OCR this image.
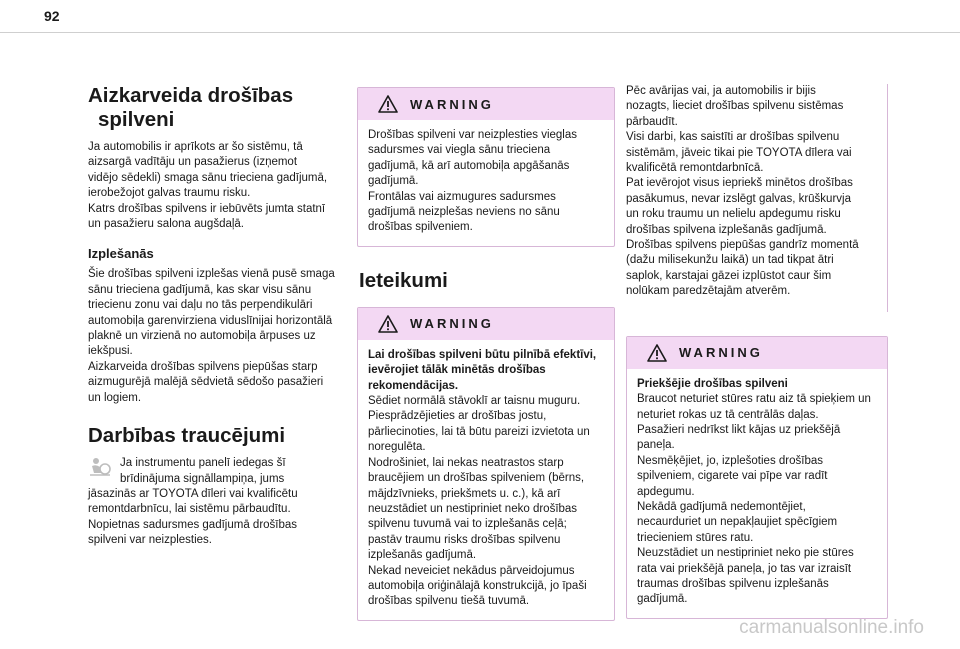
92
Aizkarveida drošības
spilveni

Ja automobilis ir aprīkots ar šo sistēmu, tā
aizsargā vadītāju un pasažierus (izņemot
vidējo sēdekli) smaga sānu trieciena gadījumā,
ierobežojot galvas traumu risku.
Katrs drošības spilvens ir iebūvēts jumta statnī
un pasažieru salona augšdaļā.

Izplešanās

Šie drošības spilveni izplešas vienā pusē smaga
sānu trieciena gadījumā, kas skar visu sānu
triecienu zonu vai daļu no tās perpendikulāri
automobiļa garenvirziena viduslīnijai horizontālā
plaknē un virzienā no automobiļa ārpuses uz
iekšpusi.
Aizkarveida drošības spilvens piepūšas starp
aizmugurējā malējā sēdvietā sēdošo pasažieri
un logiem.

Darbības traucējumi

Ja instrumentu panelī iedegas šī
brīdinājuma signāllampiņa, jums

jāsazinās ar TOYOTA dīleri vai kvalificētu
remontdarbnīcu, lai sistēmu pārbaudītu.
Nopietnas sadursmes gadījumā drošības
spilveni var neizplesties.

WARNING
Drošības spilveni var neizplesties vieglas
sadursmes vai viegla sānu trieciena
gadījumā, kā arī automobiļa apgāšanās
gadījumā.
Frontālas vai aizmugures sadursmes
gadījumā neizplešas neviens no sānu
drošības spilveniem.
Ieteikumi
WARNING
Lai drošības spilveni būtu pilnībā efektīvi,
ievērojiet tālāk minētās drošības
rekomendācijas.
Sēdiet normālā stāvoklī ar taisnu muguru.
Piesprādzējieties ar drošības jostu,
pārliecinoties, lai tā būtu pareizi izvietota un
noregulēta.
Nodrošiniet, lai nekas neatrastos starp
braucējiem un drošības spilveniem (bērns,
mājdzīvnieks, priekšmets u. c.), kā arī
neuzstādiet un nestipriniet neko drošības
spilvenu tuvumā vai to izplešanās ceļā;
pastāv traumu risks drošības spilvenu
izplešanās gadījumā.
Nekad neveiciet nekādus pārveidojumus
automobiļa oriģinālajā konstrukcijā, jo īpaši
drošības spilvenu tiešā tuvumā.
Pēc avārijas vai, ja automobilis ir bijis
nozagts, lieciet drošības spilvenu sistēmas
pārbaudīt.
Visi darbi, kas saistīti ar drošības spilvenu
sistēmām, jāveic tikai pie TOYOTA dīlera vai
kvalificētā remontdarbnīcā.
Pat ievērojot visus iepriekš minētos drošības
pasākumus, nevar izslēgt galvas, krūškurvja
un roku traumu un nelielu apdegumu risku
drošības spilvena izplešanās gadījumā.
Drošības spilvens piepūšas gandrīz momentā
(dažu milisekunžu laikā) un tad tikpat ātri
saplok, karstajai gāzei izplūstot caur šim
nolūkam paredzētajām atverēm.
WARNING
Priekšējie drošības spilveni
Braucot neturiet stūres ratu aiz tā spieķiem un
neturiet rokas uz tā centrālās daļas.
Pasažieri nedrīkst likt kājas uz priekšējā
paneļa.
Nesmēķējiet, jo, izplešoties drošības
spilveniem, cigarete vai pīpe var radīt
apdegumu.
Nekādā gadījumā nedemontējiet,
necaurduriet un nepakļaujiet spēcīgiem
triecieniem stūres ratu.
Neuzstādiet un nestipriniet neko pie stūres
rata vai priekšējā paneļa, jo tas var izraisīt
traumas drošības spilvenu izplešanās
gadījumā.
carmanualsonline.info
